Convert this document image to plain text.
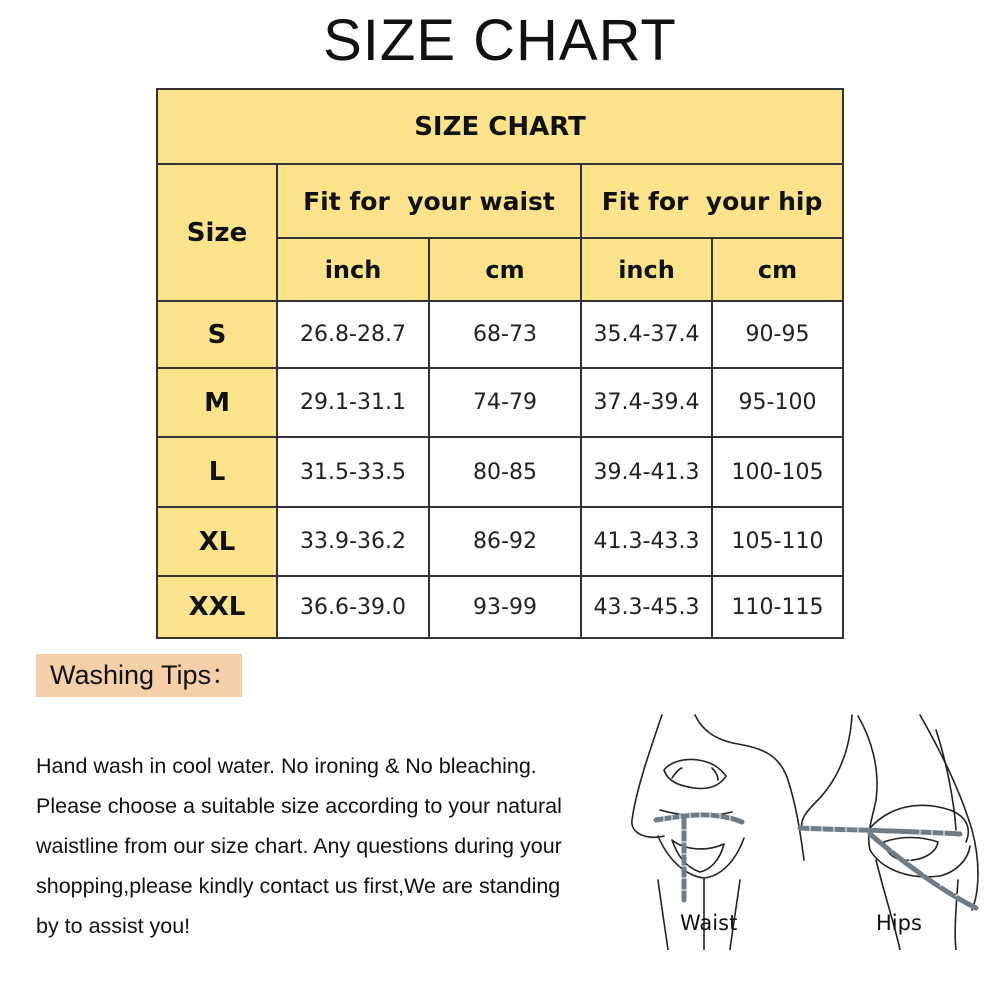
SIZE CHART
SIZE CHART				
Size	Fit for  your waist		Fit for  your hip	
	inch	cm	inch	cm
S	26.8-28.7	68-73	35.4-37.4	90-95
M	29.1-31.1	74-79	37.4-39.4	95-100
L	31.5-33.5	80-85	39.4-41.3	100-105
XL	33.9-36.2	86-92	41.3-43.3	105-110
XXL	36.6-39.0	93-99	43.3-45.3	110-115
Washing Tips：

Hand wash in cool water. No ironing & No bleaching.

Please choose a suitable size according to your natural

waistline from our size chart. Any questions during your

shopping,please kindly contact us first,We are standing

by to assist you!	Waist	Hips
